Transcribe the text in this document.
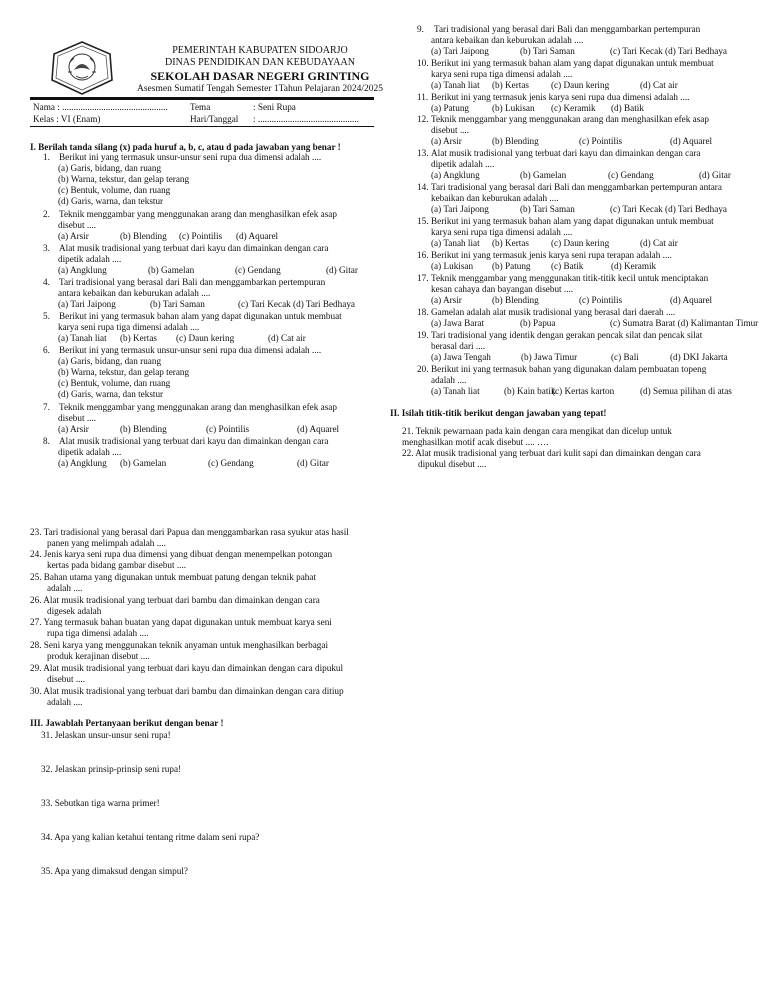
PEMERINTAH KABUPATEN SIDOARJO
DINAS PENDIDIKAN DAN KEBUDAYAAN
SEKOLAH DASAR NEGERI GRINTING
Asesmen Sumatif Tengah Semester 1Tahun Pelajaran 2024/2025
Nama : .............................................. Tema	: Seni Rupa
Kelas : VI (Enam)	Hari/Tanggal : ............................................
I. Berilah tanda silang (x) pada huruf a, b, c, atau d pada jawaban yang benar !
1. Berikut ini yang termasuk unsur-unsur seni rupa dua dimensi adalah ....
(a) Garis, bidang, dan ruang
(b) Warna, tekstur, dan gelap terang
(c) Bentuk, volume, dan ruang
(d) Garis, warna, dan tekstur
2. Teknik menggambar yang menggunakan arang dan menghasilkan efek asap
disebut ....
(a) Arsir	(b) Blending (c) Pointilis (d) Aquarel
3. Alat musik tradisional yang terbuat dari kayu dan dimainkan dengan cara
dipetik adalah ....
(a) Angklung	(b) Gamelan	(c) Gendang	(d) Gitar
4. Tari tradisional yang berasal dari Bali dan menggambarkan pertempuran
antara kebaikan dan keburukan adalah ....
(a) Tari Jaipong	(b) Tari Saman	(c) Tari Kecak (d) Tari Bedhaya
5. Berikut ini yang termasuk bahan alam yang dapat digunakan untuk membuat
karya seni rupa tiga dimensi adalah ....
(a) Tanah liat (b) Kertas (c) Daun kering	(d) Cat air
6. Berikut ini yang termasuk unsur-unsur seni rupa dua dimensi adalah ....
(a) Garis, bidang, dan ruang
(b) Warna, tekstur, dan gelap terang
(c) Bentuk, volume, dan ruang
(d) Garis, warna, dan tekstur
7. Teknik menggambar yang menggunakan arang dan menghasilkan efek asap
disebut ....
(a) Arsir	(b) Blending	(c) Pointilis	(d) Aquarel
8. Alat musik tradisional yang terbuat dari kayu dan dimainkan dengan cara
dipetik adalah ....
(a) Angklung (b) Gamelan	(c) Gendang	(d) Gitar
9. Tari tradisional yang berasal dari Bali dan menggambarkan pertempuran
antara kebaikan dan keburukan adalah ....
(a) Tari Jaipong	(b) Tari Saman	(c) Tari Kecak (d) Tari Bedhaya
10. Berikut ini yang termasuk bahan alam yang dapat digunakan untuk membuat
karya seni rupa tiga dimensi adalah ....
(a) Tanah liat (b) Kertas (c) Daun kering	(d) Cat air
11. Berikut ini yang termasuk jenis karya seni rupa dua dimensi adalah ....
(a) Patung (b) Lukisan (c) Keramik (d) Batik
12. Teknik menggambar yang menggunakan arang dan menghasilkan efek asap
disebut ....
(a) Arsir	(b) Blending	(c) Pointilis	(d) Aquarel
13. Alat musik tradisional yang terbuat dari kayu dan dimainkan dengan cara
dipetik adalah ....
(a) Angklung	(b) Gamelan	(c) Gendang	(d) Gitar
14. Tari tradisional yang berasal dari Bali dan menggambarkan pertempuran antara
kebaikan dan keburukan adalah ....
(a) Tari Jaipong	(b) Tari Saman	(c) Tari Kecak (d) Tari Bedhaya
15. Berikut ini yang termasuk bahan alam yang dapat digunakan untuk membuat
karya seni rupa tiga dimensi adalah ....
(a) Tanah liat (b) Kertas (c) Daun kering	(d) Cat air
16. Berikut ini yang termasuk jenis karya seni rupa terapan adalah ....
(a) Lukisan (b) Patung (c) Batik	(d) Keramik
17. Teknik menggambar yang menggunakan titik-titik kecil untuk menciptakan
kesan cahaya dan bayangan disebut ....
(a) Arsir	(b) Blending	(c) Pointilis	(d) Aquarel
18. Gamelan adalah alat musik tradisional yang berasal dari daerah ....
(a) Jawa Barat	(b) Papua	(c) Sumatra Barat (d) Kalimantan Timur
19. Tari tradisional yang identik dengan gerakan pencak silat dan pencak silat
berasal dari ....
(a) Jawa Tengah	(b) Jawa Timur	(c) Bali	(d) DKI Jakarta
20. Berikut ini yang termasuk bahan yang digunakan dalam pembuatan topeng
adalah ....
(a) Tanah liat	(b) Kain batik
(c) Kertas karton	(d) Semua pilihan di atas
II. Isilah titik-titik berikut dengan jawaban yang tepat!
21. Teknik pewarnaan pada kain dengan cara mengikat dan dicelup untuk
menghasilkan motif acak disebut .... ….
22. Alat musik tradisional yang terbuat dari kulit sapi dan dimainkan dengan cara
dipukul disebut ....
23. Tari tradisional yang berasal dari Papua dan menggambarkan rasa syukur atas hasil
panen yang melimpah adalah ....
24. Jenis karya seni rupa dua dimensi yang dibuat dengan menempelkan potongan
kertas pada bidang gambar disebut ....
25. Bahan utama yang digunakan untuk membuat patung dengan teknik pahat
adalah ....
26. Alat musik tradisional yang terbuat dari bambu dan dimainkan dengan cara
digesek adalah
27. Yang termasuk bahan buatan yang dapat digunakan untuk membuat karya seni
rupa tiga dimensi adalah ....
28. Seni karya yang menggunakan teknik anyaman untuk menghasilkan berbagai
produk kerajinan disebut ....
29. Alat musik tradisional yang terbuat dari kayu dan dimainkan dengan cara dipukul
disebut ....
30. Alat musik tradisional yang terbuat dari bambu dan dimainkan dengan cara ditiup
adalah ....
III. Jawablah Pertanyaan berikut dengan benar !
31. Jelaskan unsur-unsur seni rupa!
32. Jelaskan prinsip-prinsip seni rupa!
33. Sebutkan tiga warna primer!
34. Apa yang kalian ketahui tentang ritme dalam seni rupa?
35. Apa yang dimaksud dengan simpul?
